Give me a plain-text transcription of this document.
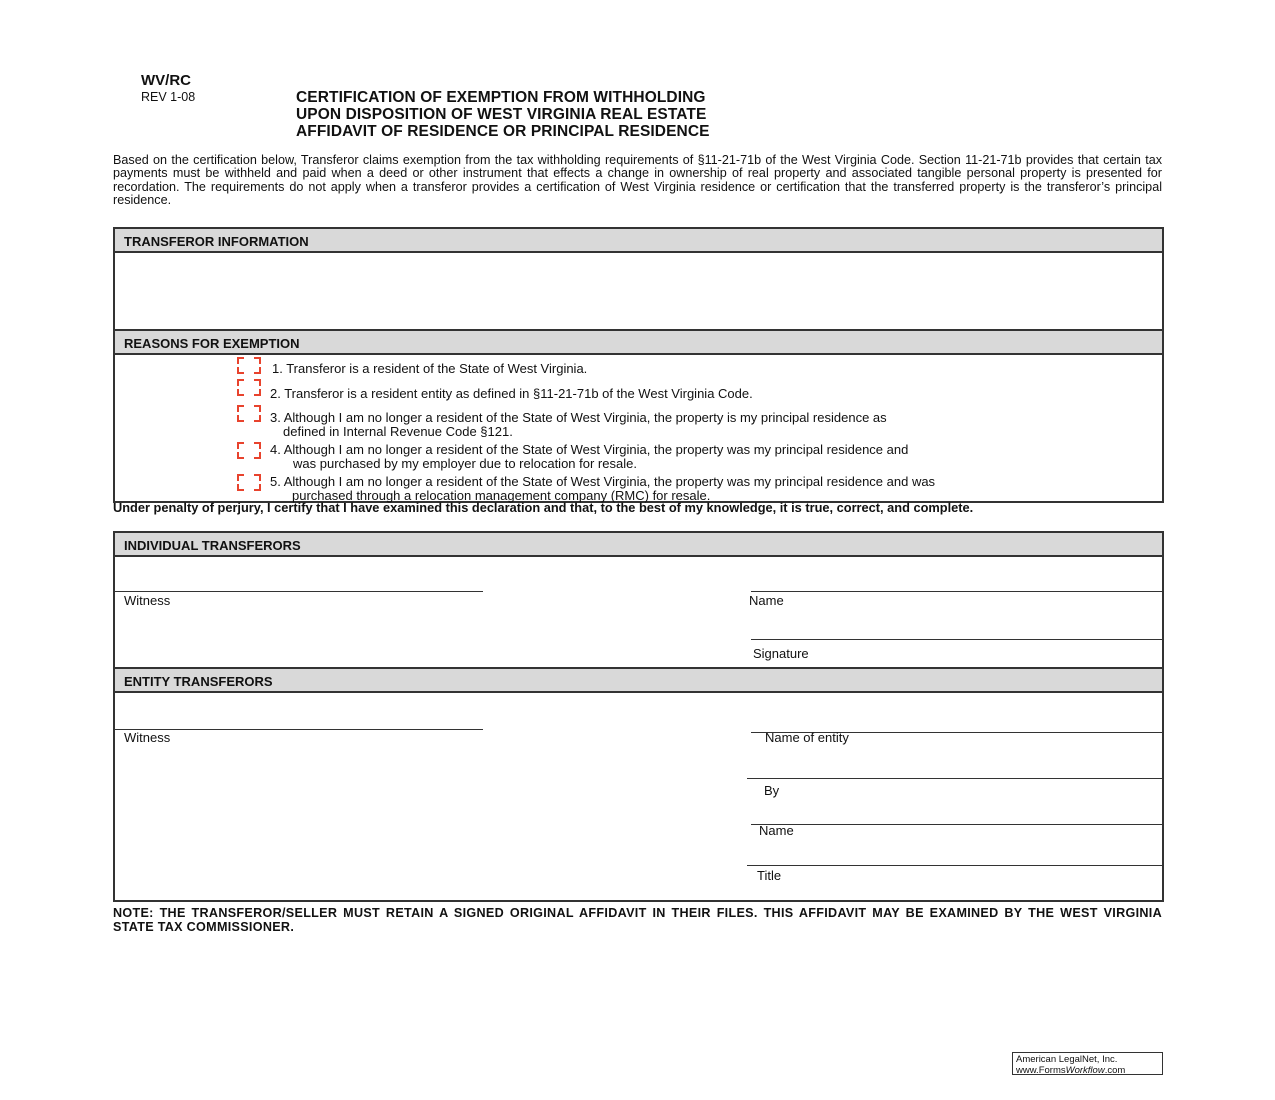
WV/RC
REV 1-08	CERTIFICATION OF EXEMPTION FROM WITHHOLDING
UPON DISPOSITION OF WEST VIRGINIA REAL ESTATE
AFFIDAVIT OF RESIDENCE OR PRINCIPAL RESIDENCE

Based on the certification below, Transferor claims exemption from the tax withholding requirements of §11-21-71b of the West Virginia Code. Section 11-21-71b provides that certain tax payments must be withheld and paid when a deed or other instrument that effects a change in ownership of real property and associated tangible personal property is presented for recordation. The requirements do not apply when a transferor provides a certification of West Virginia residence or certification that the transferred property is the transferor’s principal residence.

TRANSFEROR INFORMATION
REASONS FOR EXEMPTION
1. Transferor is a resident of the State of West Virginia.
2. Transferor is a resident entity as defined in §11-21-71b of the West Virginia Code.
3. Although I am no longer a resident of the State of West Virginia, the property is my principal residence as
defined in Internal Revenue Code §121.
4. Although I am no longer a resident of the State of West Virginia, the property was my principal residence and
was purchased by my employer due to relocation for resale.
5. Although I am no longer a resident of the State of West Virginia, the property was my principal residence and was
purchased through a relocation management company (RMC) for resale.

Under penalty of perjury, I certify that I have examined this declaration and that, to the best of my knowledge, it is true, correct, and complete.

INDIVIDUAL TRANSFERORS
Witness	Name
Signature
ENTITY TRANSFERORS
Witness	Name of entity
By
Name
Title

NOTE: THE TRANSFEROR/SELLER MUST RETAIN A SIGNED ORIGINAL AFFIDAVIT IN THEIR FILES. THIS AFFIDAVIT MAY BE EXAMINED BY THE WEST VIRGINIA STATE TAX COMMISSIONER.

American LegalNet, Inc.
www.FormsWorkflow.com
